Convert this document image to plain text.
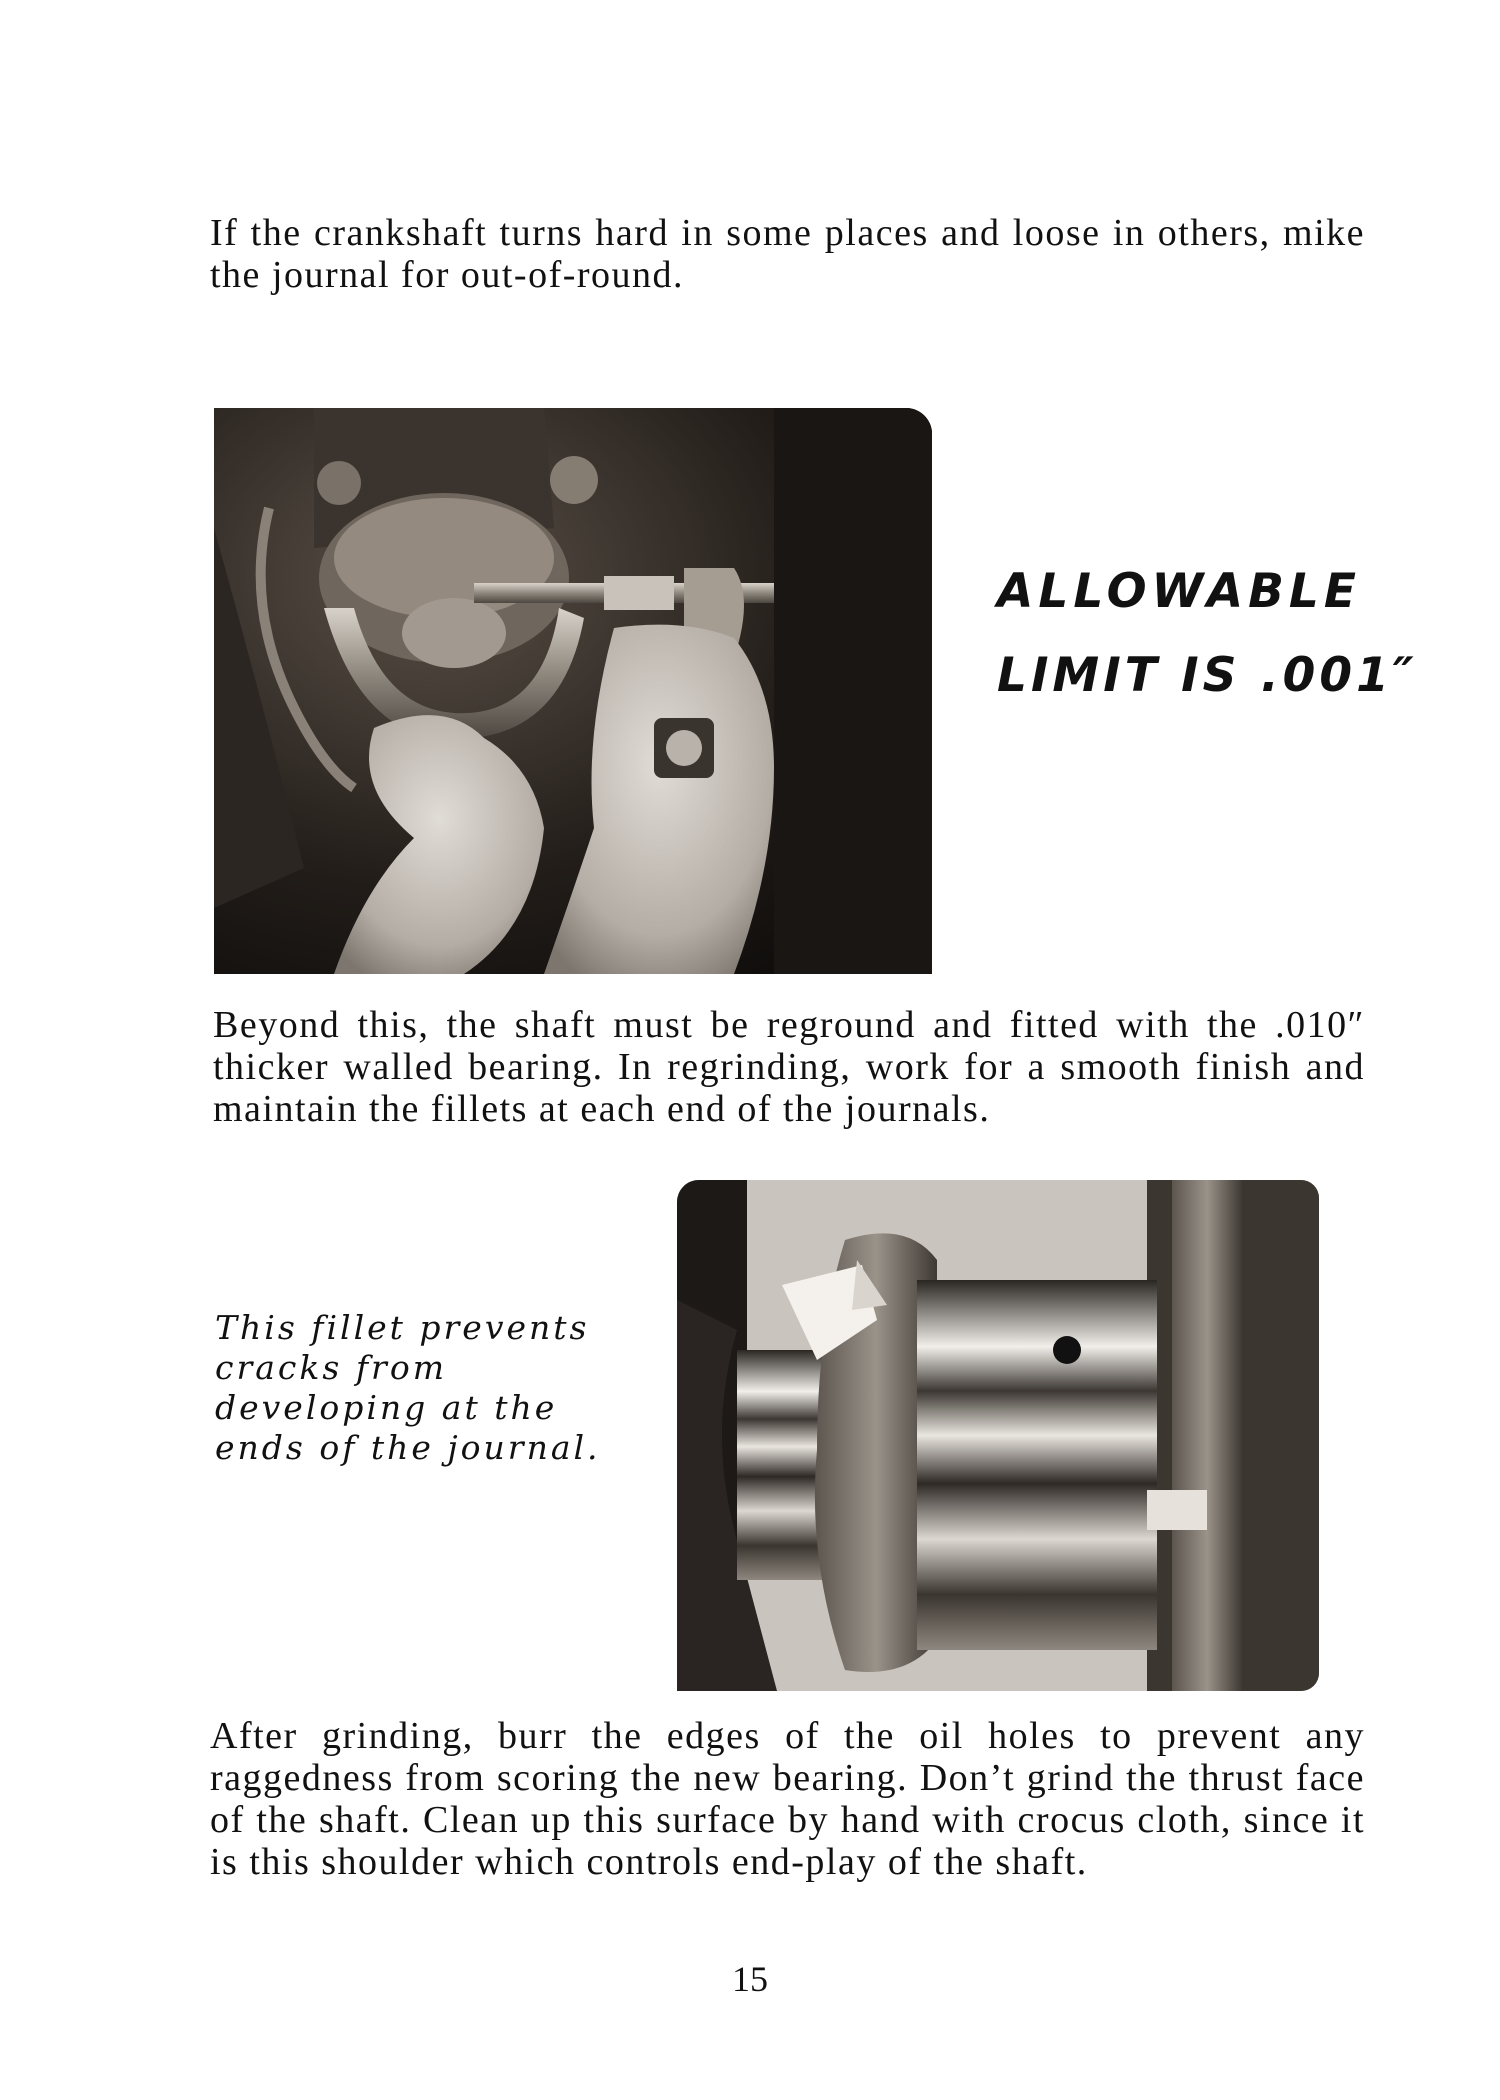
If the crankshaft turns hard in some places and loose in others, mike the journal for out-of-round.

ALLOWABLE

LIMIT IS .001″

Beyond this, the shaft must be reground and fitted with the .010″ thicker walled bearing. In regrinding, work for a smooth finish and maintain the fillets at each end of the journals.

This fillet prevents cracks from developing at the ends of the journal.

After grinding, burr the edges of the oil holes to prevent any raggedness from scoring the new bearing. Don’t grind the thrust face of the shaft. Clean up this surface by hand with crocus cloth, since it is this shoulder which controls end-play of the shaft.

15
